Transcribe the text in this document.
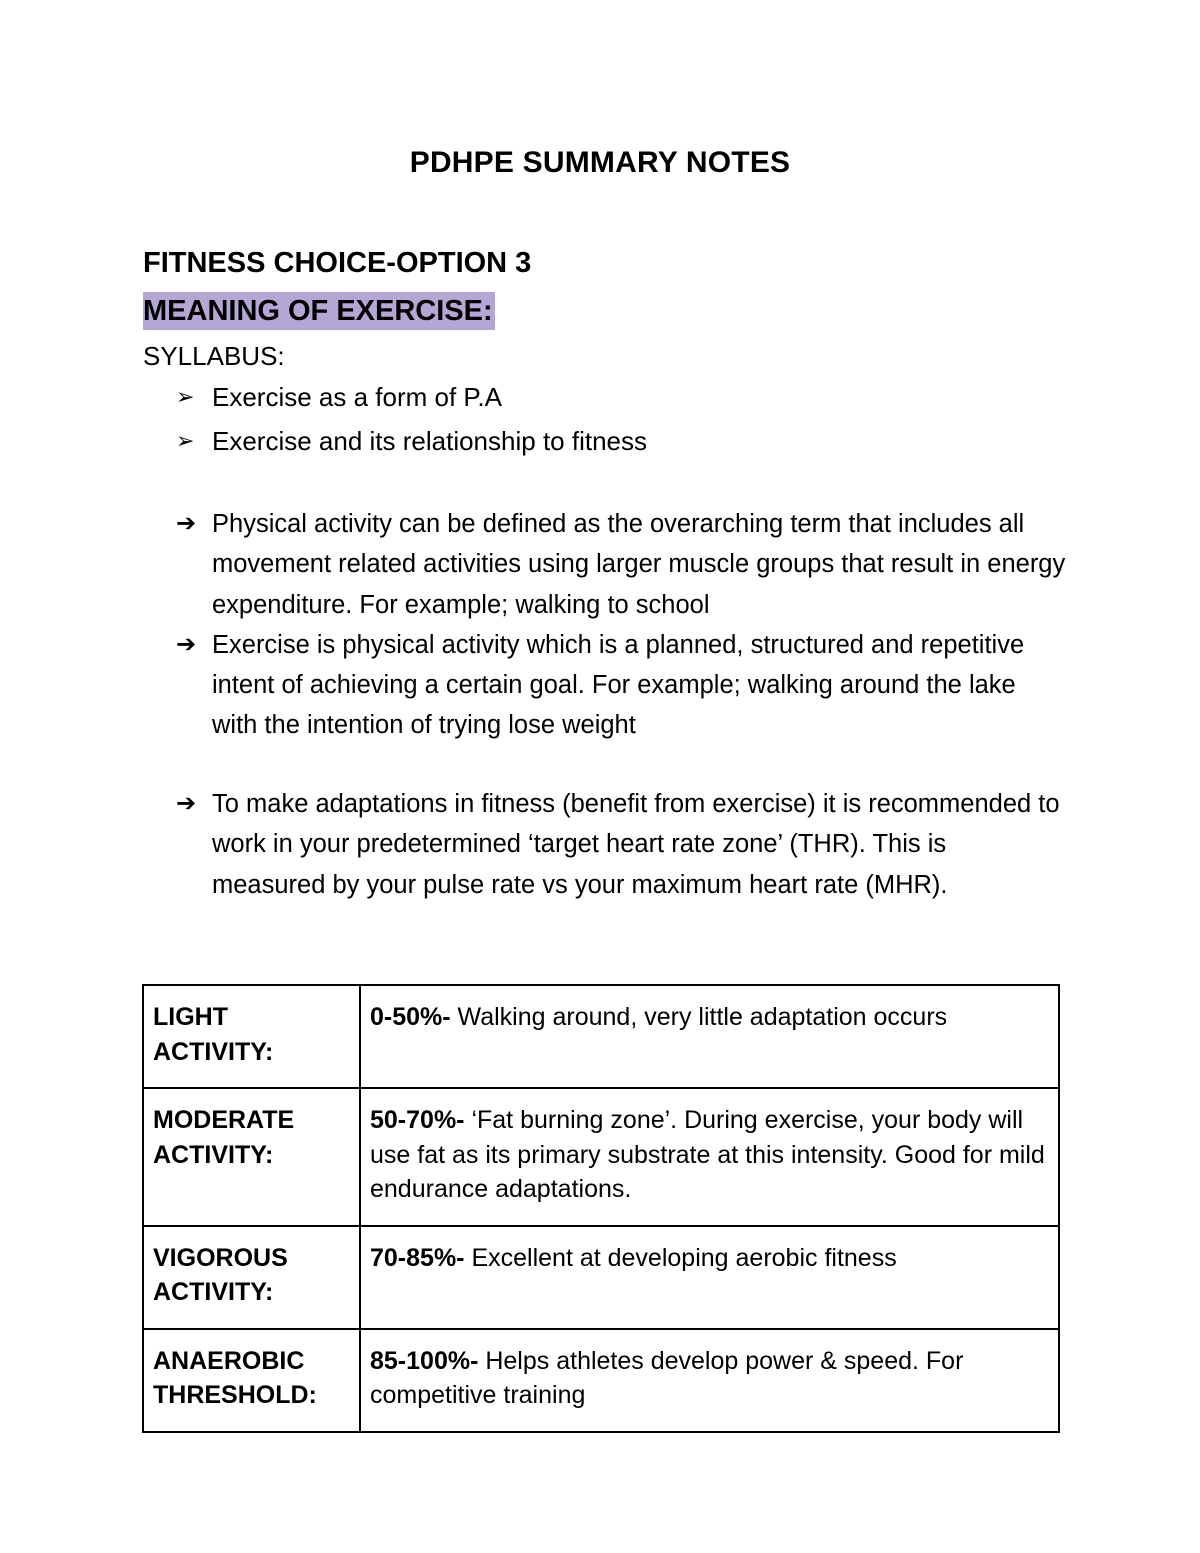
PDHPE SUMMARY NOTES
FITNESS CHOICE-OPTION 3
MEANING OF EXERCISE:
SYLLABUS:
➢ Exercise as a form of P.A
➢ Exercise and its relationship to fitness
➔ Physical activity can be defined as the overarching term that includes all movement related activities using larger muscle groups that result in energy expenditure. For example; walking to school
➔ Exercise is physical activity which is a planned, structured and repetitive intent of achieving a certain goal. For example; walking around the lake with the intention of trying lose weight
➔ To make adaptations in fitness (benefit from exercise) it is recommended to work in your predetermined ‘target heart rate zone’ (THR). This is measured by your pulse rate vs your maximum heart rate (MHR).
LIGHT ACTIVITY:	0-50%- Walking around, very little adaptation occurs
MODERATE ACTIVITY:	50-70%- ‘Fat burning zone’. During exercise, your body will use fat as its primary substrate at this intensity. Good for mild endurance adaptations.
VIGOROUS ACTIVITY:	70-85%- Excellent at developing aerobic fitness
ANAEROBIC THRESHOLD:	85-100%- Helps athletes develop power & speed. For competitive training
